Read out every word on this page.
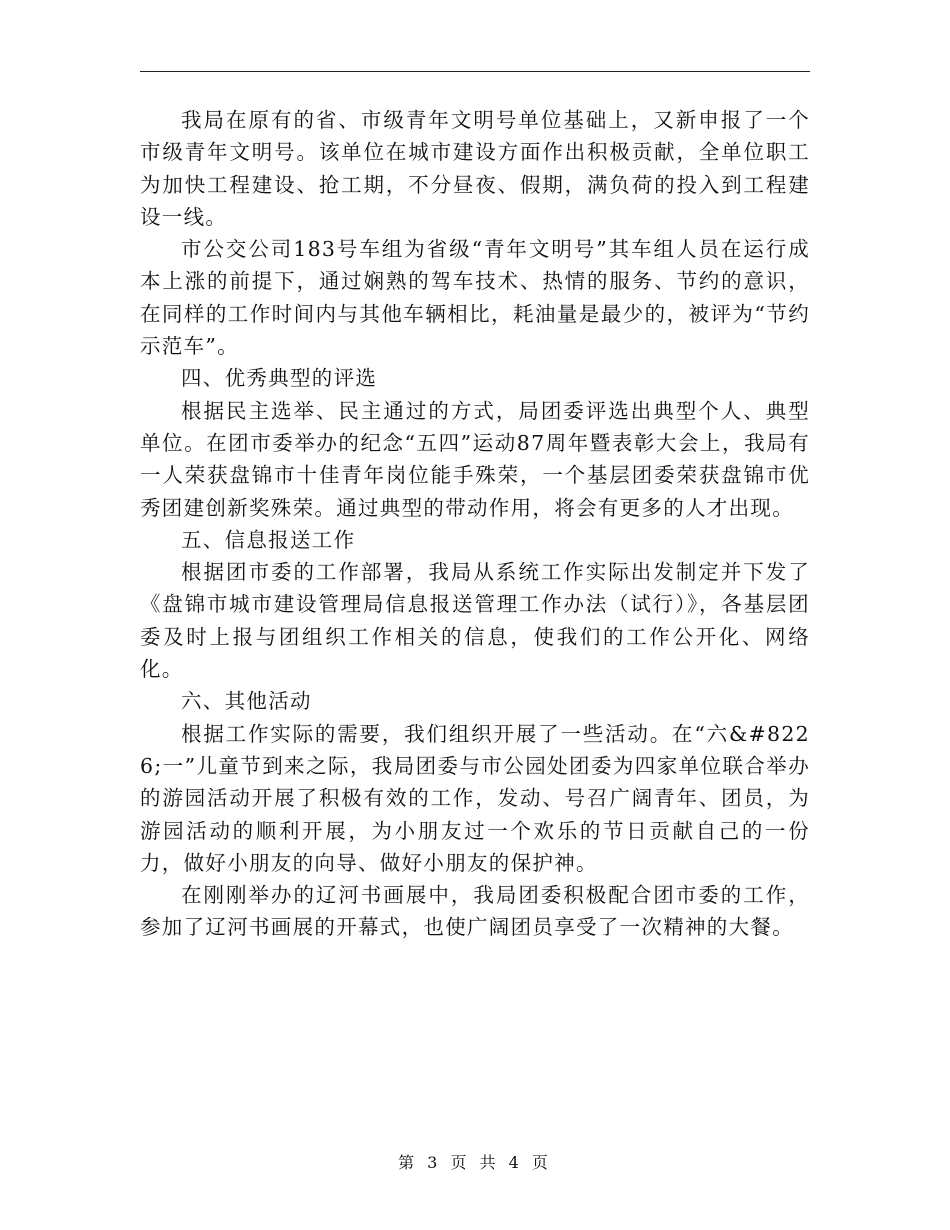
我局在原有的省、市级青年文明号单位基础上，又新申报了一个市级青年文明号。该单位在城市建设方面作出积极贡献，全单位职工为加快工程建设、抢工期，不分昼夜、假期，满负荷的投入到工程建设一线。

市公交公司183号车组为省级“青年文明号”其车组人员在运行成本上涨的前提下，通过娴熟的驾车技术、热情的服务、节约的意识，在同样的工作时间内与其他车辆相比，耗油量是最少的，被评为“节约示范车”。

四、优秀典型的评选

根据民主选举、民主通过的方式，局团委评选出典型个人、典型单位。在团市委举办的纪念“五四”运动87周年暨表彰大会上，我局有一人荣获盘锦市十佳青年岗位能手殊荣，一个基层团委荣获盘锦市优秀团建创新奖殊荣。通过典型的带动作用，将会有更多的人才出现。

五、信息报送工作

根据团市委的工作部署，我局从系统工作实际出发制定并下发了《盘锦市城市建设管理局信息报送管理工作办法（试行）》，各基层团委及时上报与团组织工作相关的信息，使我们的工作公开化、网络化。

六、其他活动

根据工作实际的需要，我们组织开展了一些活动。在“六&#8226;一”儿童节到来之际，我局团委与市公园处团委为四家单位联合举办的游园活动开展了积极有效的工作，发动、号召广阔青年、团员，为游园活动的顺利开展，为小朋友过一个欢乐的节日贡献自己的一份力，做好小朋友的向导、做好小朋友的保护神。

在刚刚举办的辽河书画展中，我局团委积极配合团市委的工作，参加了辽河书画展的开幕式，也使广阔团员享受了一次精神的大餐。

第 3 页 共 4 页
